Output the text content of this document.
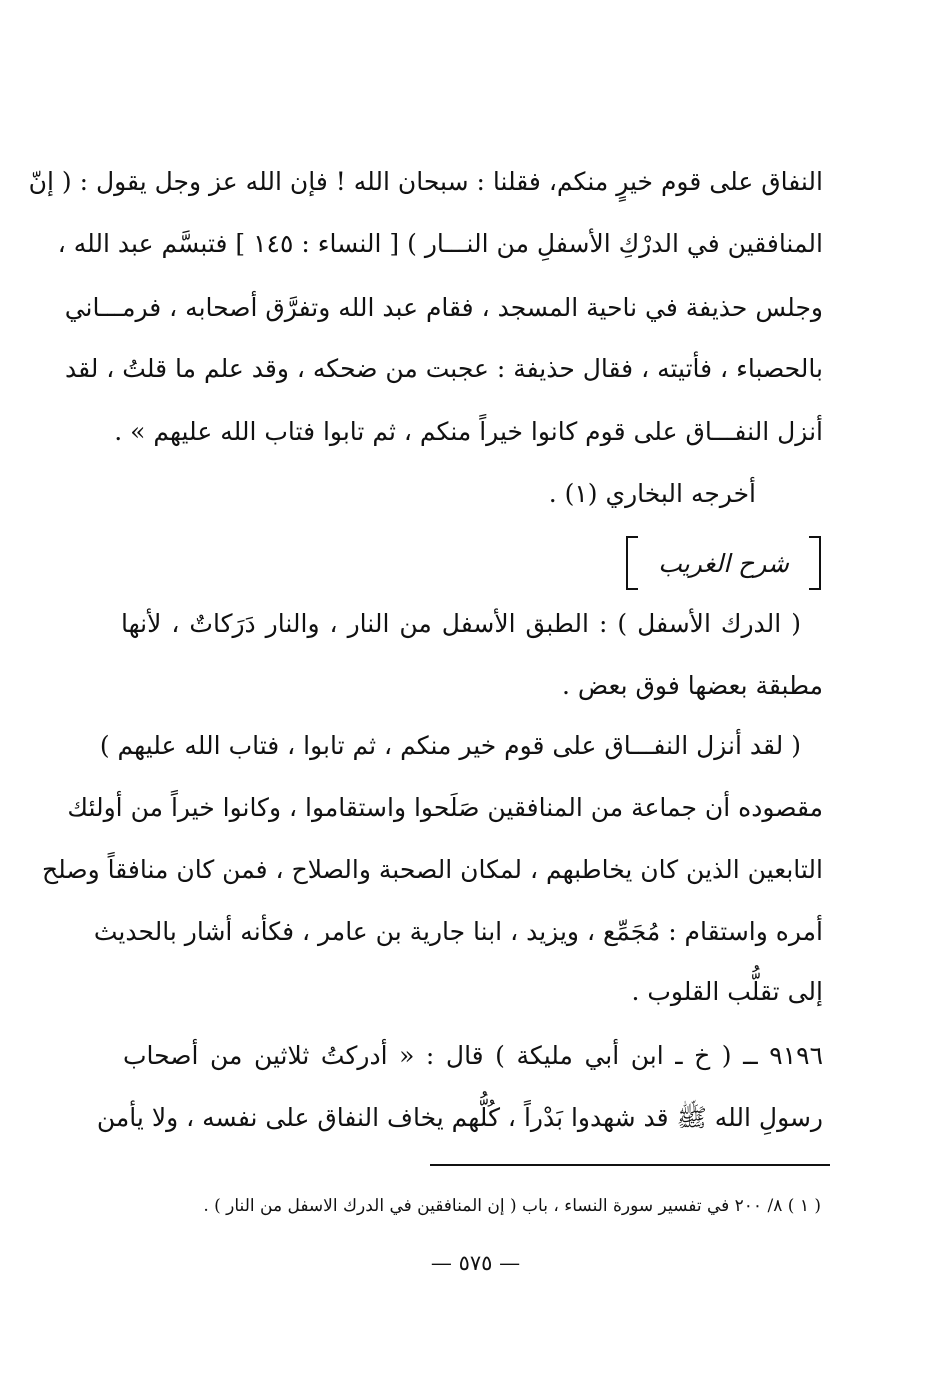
النفاق على قوم خيرٍ منكم، فقلنا : سبحان الله ! فإن الله عز وجل يقول : ( إنّ
المنافقين في الدرْكِ الأسفلِ من النـــار ) [ النساء : ١٤٥ ] فتبسَّم عبد الله ،
وجلس حذيفة في ناحية المسجد ، فقام عبد الله وتفرَّق أصحابه ، فرمـــاني
بالحصباء ، فأتيته ، فقال حذيفة : عجبت من ضحكه ، وقد علم ما قلتُ ، لقد
أنزل النفـــاق على قوم كانوا خيراً منكم ، ثم تابوا فتاب الله عليهم » .
أخرجه البخاري (١) .
شرح الغريب
( الدرك الأسفل ) : الطبق الأسفل من النار ، والنار دَرَكاتٌ ، لأنها
مطبقة بعضها فوق بعض .
( لقد أنزل النفـــاق على قوم خير منكم ، ثم تابوا ، فتاب الله عليهم )
مقصوده أن جماعة من المنافقين صَلَحوا واستقاموا ، وكانوا خيراً من أولئك
التابعين الذين كان يخاطبهم ، لمكان الصحبة والصلاح ، فمن كان منافقاً وصلح
أمره واستقام : مُجَمِّع ، ويزيد ، ابنا جارية بن عامر ، فكأنه أشار بالحديث
إلى تقلُّب القلوب .
٩١٩٦ ــ ( خ ـ ابن أبي مليكة ) قال : « أدركتُ ثلاثين من أصحاب
رسولِ الله ﷺ قد شهدوا بَدْراً ، كُلُّهم يخاف النفاق على نفسه ، ولا يأمن
( ١ ) ٨/ ٢٠٠ في تفسير سورة النساء ، باب ( إن المنافقين في الدرك الاسفل من النار ) .
— ٥٧٥ —
